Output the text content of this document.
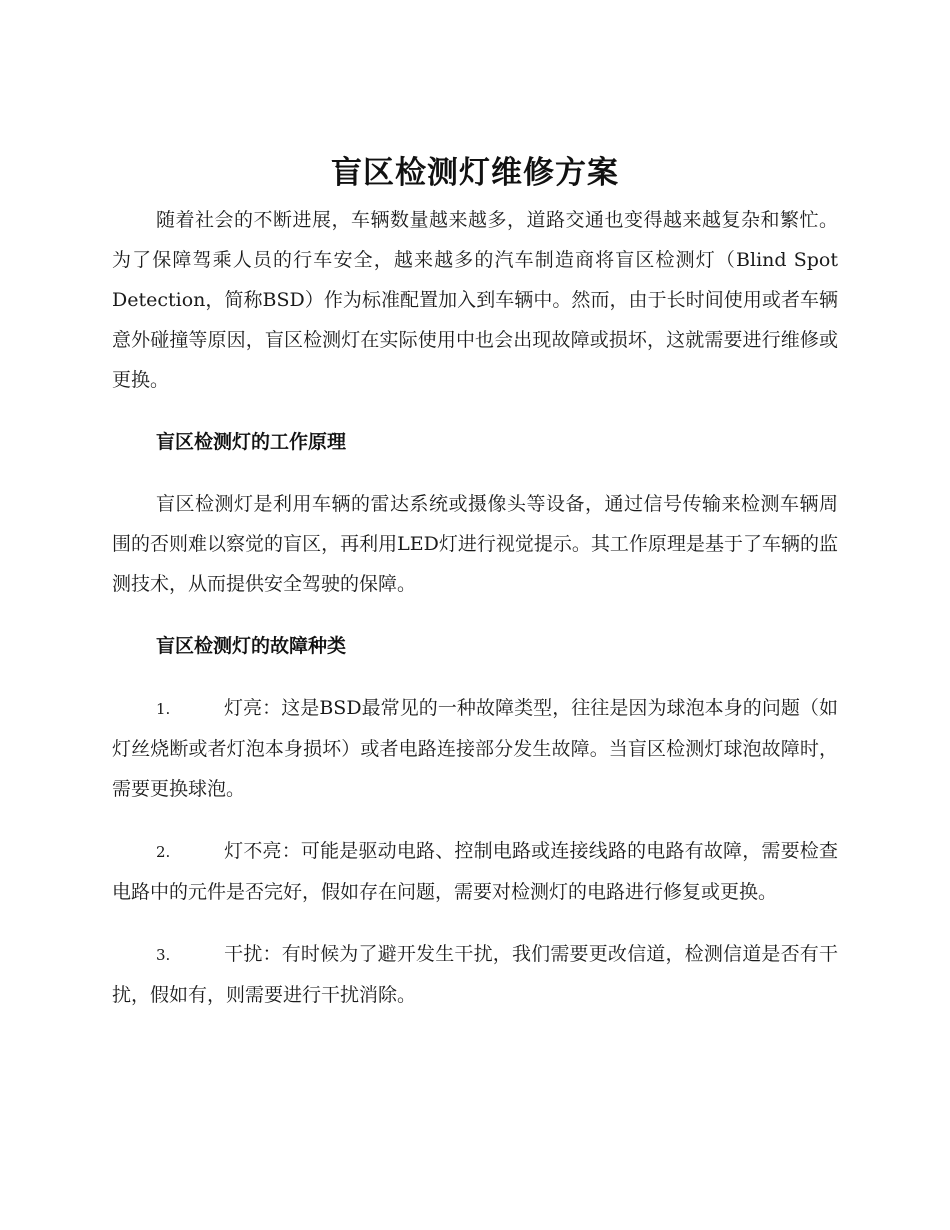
盲区检测灯维修方案

随着社会的不断进展，车辆数量越来越多，道路交通也变得越来越复杂和繁忙。为了保障驾乘人员的行车安全，越来越多的汽车制造商将盲区检测灯（Blind Spot Detection，简称BSD）作为标准配置加入到车辆中。然而，由于长时间使用或者车辆意外碰撞等原因，盲区检测灯在实际使用中也会出现故障或损坏，这就需要进行维修或更换。

盲区检测灯的工作原理

盲区检测灯是利用车辆的雷达系统或摄像头等设备，通过信号传输来检测车辆周围的否则难以察觉的盲区，再利用LED灯进行视觉提示。其工作原理是基于了车辆的监测技术，从而提供安全驾驶的保障。

盲区检测灯的故障种类
1.	灯亮：这是BSD最常见的一种故障类型，往往是因为球泡本身的问题（如灯丝烧断或者灯泡本身损坏）或者电路连接部分发生故障。当盲区检测灯球泡故障时，需要更换球泡。
2.	灯不亮：可能是驱动电路、控制电路或连接线路的电路有故障，需要检查电路中的元件是否完好，假如存在问题，需要对检测灯的电路进行修复或更换。
3.	干扰：有时候为了避开发生干扰，我们需要更改信道，检测信道是否有干扰，假如有，则需要进行干扰消除。
